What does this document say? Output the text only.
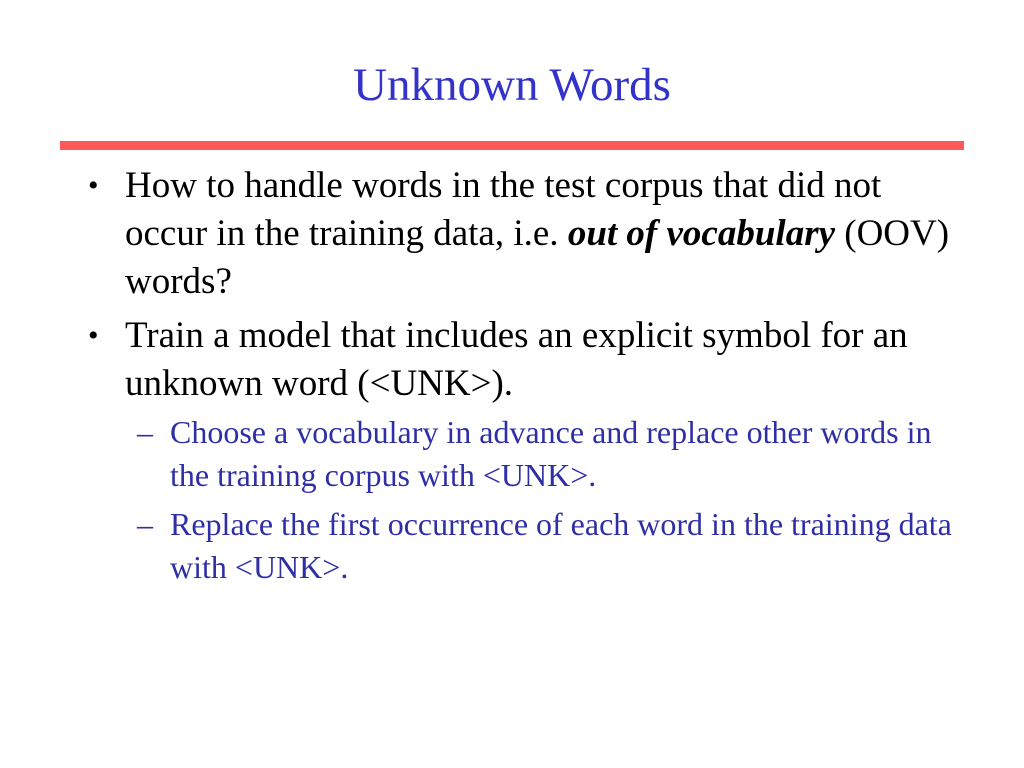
Unknown Words
• How to handle words in the test corpus that did not occur in the training data, i.e. out of vocabulary (OOV) words?
• Train a model that includes an explicit symbol for an unknown word (<UNK>).
– Choose a vocabulary in advance and replace other words in the training corpus with <UNK>.
– Replace the first occurrence of each word in the training data with <UNK>.
